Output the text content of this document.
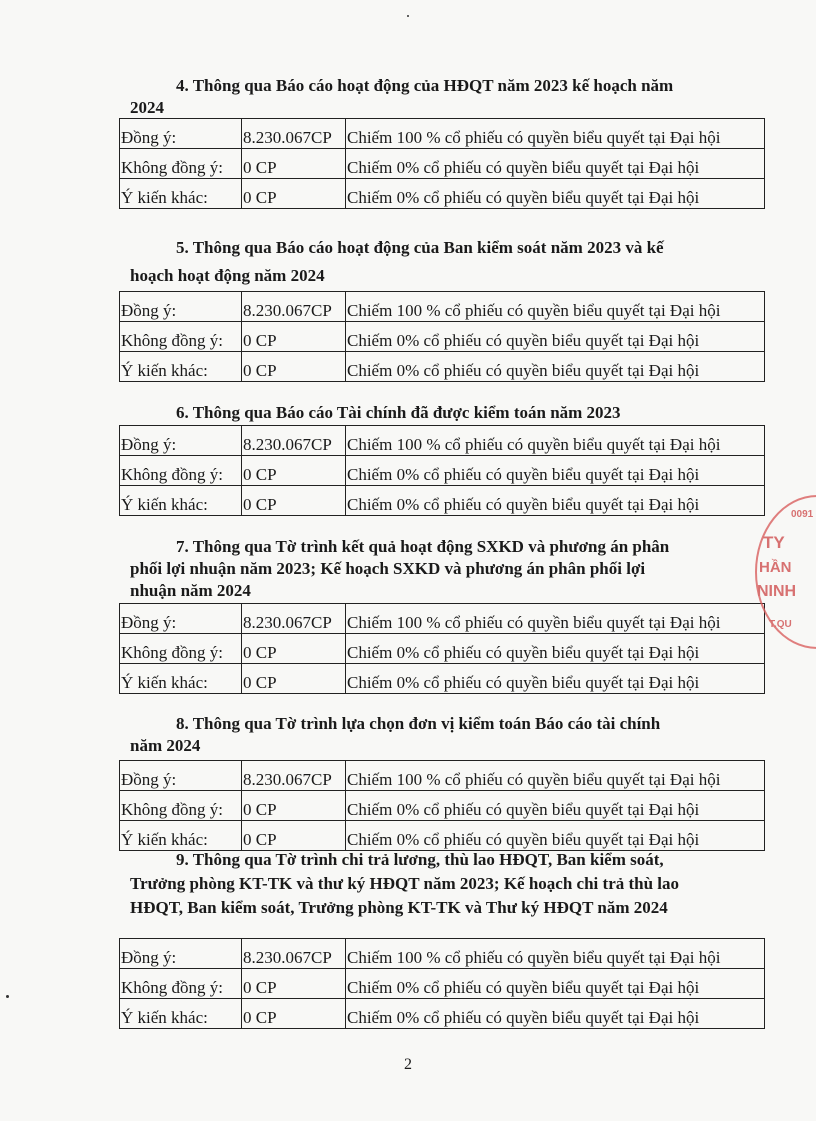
4. Thông qua Báo cáo hoạt động của HĐQT năm 2023 kế hoạch năm
2024
Đồng ý:	8.230.067CP	Chiếm 100 % cổ phiếu có quyền biểu quyết tại Đại hội
Không đồng ý:	0 CP	Chiếm 0% cổ phiếu có quyền biểu quyết tại Đại hội
Ý kiến khác:	0 CP	Chiếm 0% cổ phiếu có quyền biểu quyết tại Đại hội
5. Thông qua Báo cáo hoạt động của Ban kiểm soát năm 2023 và kế
hoạch hoạt động năm 2024
Đồng ý:	8.230.067CP	Chiếm 100 % cổ phiếu có quyền biểu quyết tại Đại hội
Không đồng ý:	0 CP	Chiếm 0% cổ phiếu có quyền biểu quyết tại Đại hội
Ý kiến khác:	0 CP	Chiếm 0% cổ phiếu có quyền biểu quyết tại Đại hội
6. Thông qua Báo cáo Tài chính đã được kiểm toán năm 2023
Đồng ý:	8.230.067CP	Chiếm 100 % cổ phiếu có quyền biểu quyết tại Đại hội
Không đồng ý:	0 CP	Chiếm 0% cổ phiếu có quyền biểu quyết tại Đại hội
Ý kiến khác:	0 CP	Chiếm 0% cổ phiếu có quyền biểu quyết tại Đại hội
7. Thông qua Tờ trình kết quả hoạt động SXKD và phương án phân
phối lợi nhuận năm 2023; Kế hoạch SXKD và phương án phân phối lợi
nhuận năm 2024
Đồng ý:	8.230.067CP	Chiếm 100 % cổ phiếu có quyền biểu quyết tại Đại hội
Không đồng ý:	0 CP	Chiếm 0% cổ phiếu có quyền biểu quyết tại Đại hội
Ý kiến khác:	0 CP	Chiếm 0% cổ phiếu có quyền biểu quyết tại Đại hội
8. Thông qua Tờ trình lựa chọn đơn vị kiểm toán Báo cáo tài chính
năm 2024
Đồng ý:	8.230.067CP	Chiếm 100 % cổ phiếu có quyền biểu quyết tại Đại hội
Không đồng ý:	0 CP	Chiếm 0% cổ phiếu có quyền biểu quyết tại Đại hội
Ý kiến khác:	0 CP	Chiếm 0% cổ phiếu có quyền biểu quyết tại Đại hội
9. Thông qua Tờ trình chi trả lương, thù lao HĐQT, Ban kiểm soát,
Trưởng phòng KT-TK và thư ký HĐQT năm 2023; Kế hoạch chi trả thù lao
HĐQT, Ban kiểm soát, Trưởng phòng KT-TK và Thư ký HĐQT năm 2024
Đồng ý:	8.230.067CP	Chiếm 100 % cổ phiếu có quyền biểu quyết tại Đại hội
Không đồng ý:	0 CP	Chiếm 0% cổ phiếu có quyền biểu quyết tại Đại hội
Ý kiến khác:	0 CP	Chiếm 0% cổ phiếu có quyền biểu quyết tại Đại hội
0091
TY
HẦN
NINH
T.QU
2
